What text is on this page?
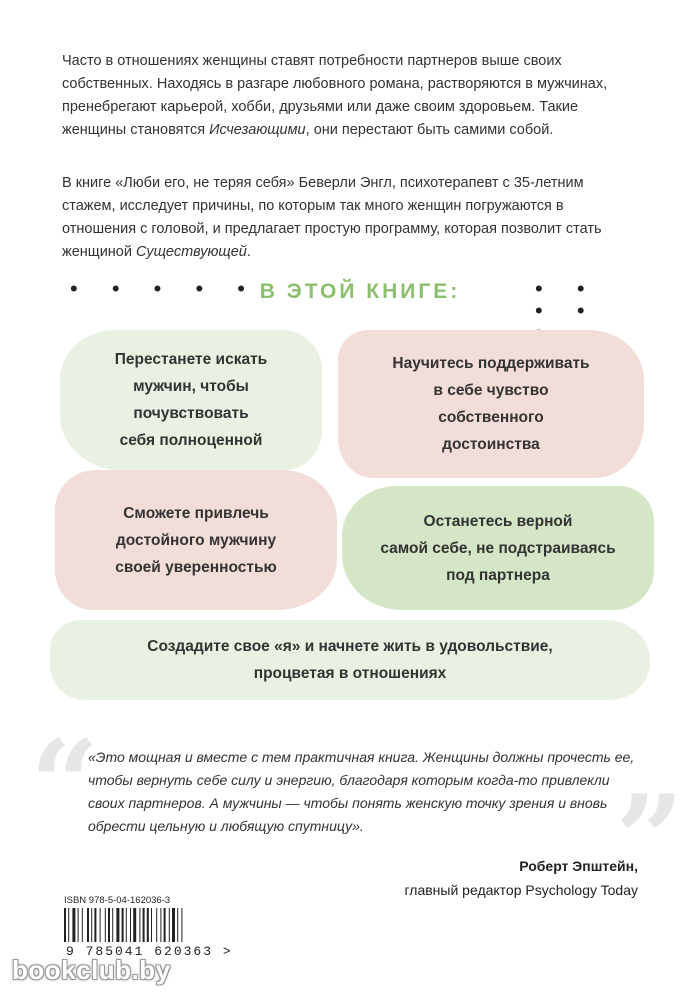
Часто в отношениях женщины ставят потребности партнеров выше своих собственных. Находясь в разгаре любовного романа, растворяются в мужчинах, пренебрегают карьерой, хобби, друзьями или даже своим здоровьем. Такие женщины становятся Исчезающими, они перестают быть самими собой.

В книге «Люби его, не теряя себя» Беверли Энгл, психотерапевт с 35-летним стажем, исследует причины, по которым так много женщин погружаются в отношения с головой, и предлагает простую программу, которая позволит стать женщиной Существующей.

• • • • • В ЭТОЙ КНИГЕ:	• • • •
Перестанете искать
мужчин, чтобы
почувствовать
себя полноценной
Научитесь поддерживать
в себе чувство
собственного
достоинства
Сможете привлечь
достойного мужчину
своей уверенностью
Останетесь верной
самой себе, не подстраиваясь
под партнера
Создадите свое «я» и начнете жить в удовольствие,
процветая в отношениях
“	”
«Это мощная и вместе с тем практичная книга. Женщины должны прочесть ее, чтобы вернуть себе силу и энергию, благодаря которым когда-то привлекли своих партнеров. А мужчины — чтобы понять женскую точку зрения и вновь обрести цельную и любящую спутницу».
Роберт Эпштейн,
главный редактор Psychology Today
ISBN 978-5-04-162036-3
9 785041 620363 >
bookclub.by
